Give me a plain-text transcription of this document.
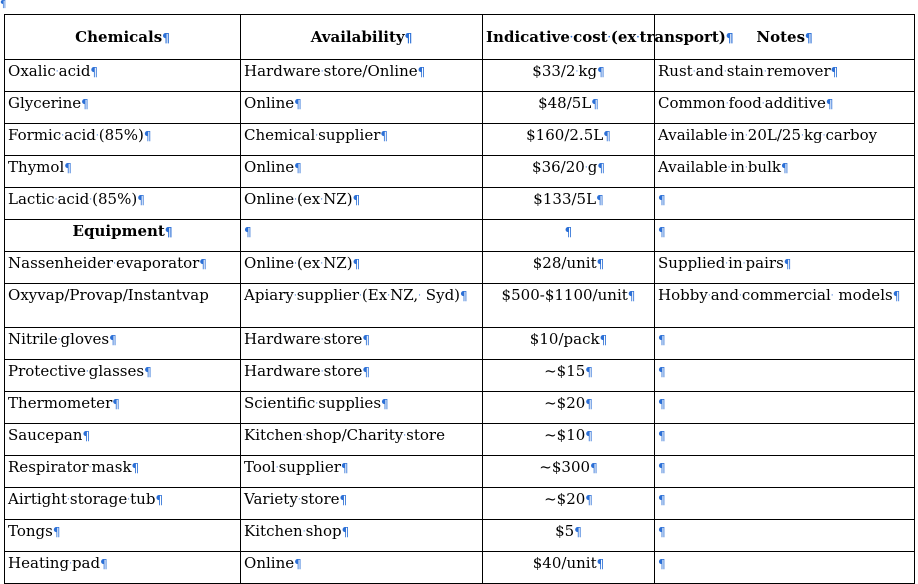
¶
Chemicals¶	Availability¶	Indicative·cost·(ex·transport)¶	Notes¶
Oxalic·acid¶	Hardware·store/Online¶	$33/2·kg¶	Rust·and·stain·remover¶
Glycerine¶	Online¶	$48/5L¶	Common·food·additive¶
Formic·acid·(85%)¶	Chemical·supplier¶	$160/2.5L¶	Available·in·20L/25·kg·carboy
Thymol¶	Online¶	$36/20·g¶	Available·in·bulk¶
Lactic·acid·(85%)¶	Online·(ex·NZ)¶	$133/5L¶	¶
Equipment¶	¶	¶	¶
Nassenheider·evaporator¶	Online·(ex·NZ)¶	$28/unit¶	Supplied·in·pairs¶
Oxyvap/Provap/Instantvap	Apiary·supplier·(Ex·NZ,· Syd)¶	$500-$1100/unit¶	Hobby·and·commercial· models¶
Nitrile·gloves¶	Hardware·store¶	$10/pack¶	¶
Protective·glasses¶	Hardware·store¶	~$15¶	¶
Thermometer¶	Scientifc·supplies¶	~$20¶	¶
Saucepan¶	Kitchen·shop/Charity·store	~$10¶	¶
Respirator·mask¶	Tool·supplier¶	~$300¶	¶
Airtight·storage·tub¶	Variety·store¶	~$20¶	¶
Tongs¶	Kitchen·shop¶	$5¶	¶
Heating·pad¶	Online¶	$40/unit¶	¶
